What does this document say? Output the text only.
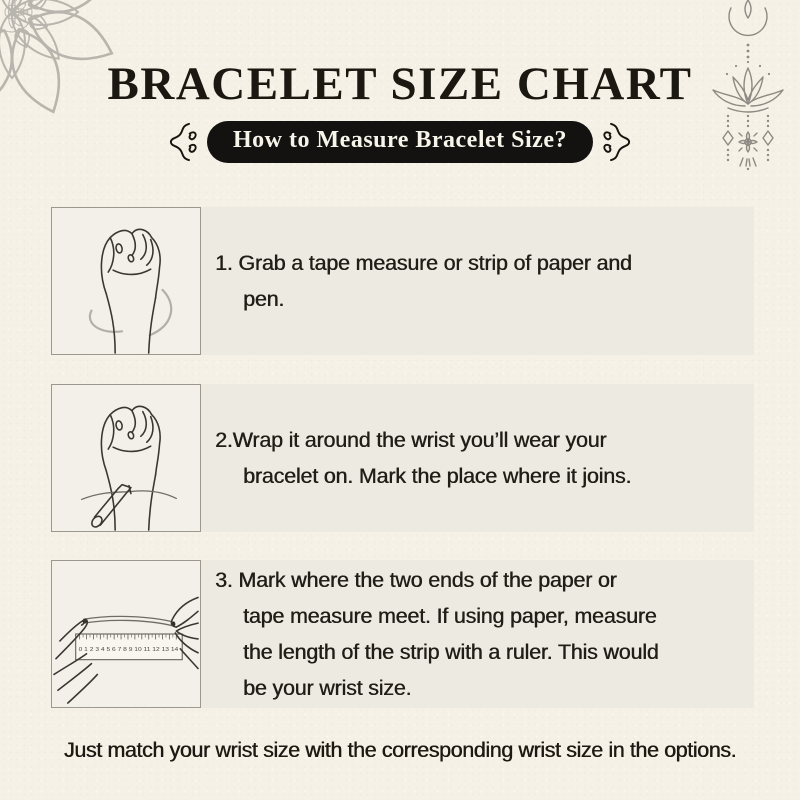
BRACELET SIZE CHART
How to Measure Bracelet Size?
1. Grab a tape measure or strip of paper and
pen.
2.Wrap it around the wrist you’ll wear your
bracelet on. Mark the place where it joins.
0 1 2 3 4 5 6 7 8 9 10 11 12 13 14
3. Mark where the two ends of the paper or
tape measure meet. If using paper, measure
the length of the strip with a ruler. This would
be your wrist size.
Just match your wrist size with the corresponding wrist size in the options.
